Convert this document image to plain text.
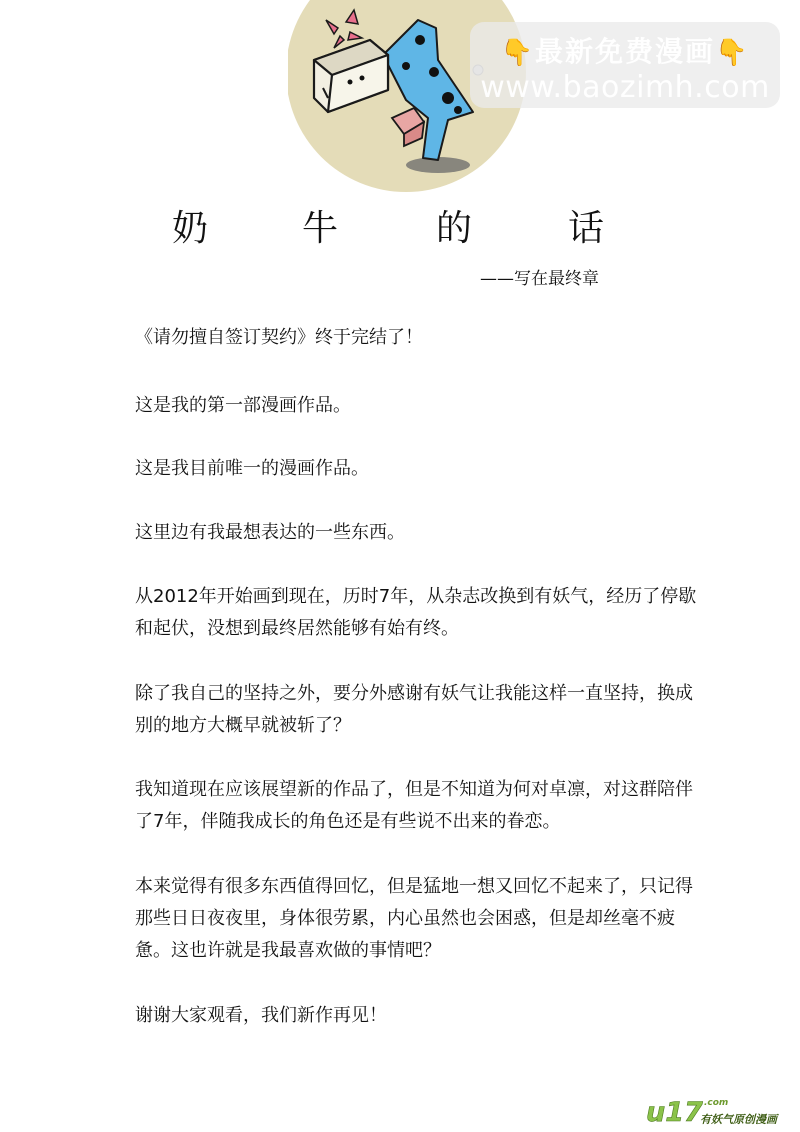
👇最新免费漫画👇
www.baozimh.com
奶	牛	的	话
——写在最终章

《请勿擅自签订契约》终于完结了！

这是我的第一部漫画作品。

这是我目前唯一的漫画作品。

这里边有我最想表达的一些东西。

从2012年开始画到现在，历时7年，从杂志改换到有妖气，经历了停歇和起伏，没想到最终居然能够有始有终。

除了我自己的坚持之外，要分外感谢有妖气让我能这样一直坚持，换成别的地方大概早就被斩了？

我知道现在应该展望新的作品了，但是不知道为何对卓凛，对这群陪伴了7年，伴随我成长的角色还是有些说不出来的眷恋。

本来觉得有很多东西值得回忆，但是猛地一想又回忆不起来了，只记得那些日日夜夜里，身体很劳累，内心虽然也会困惑，但是却丝毫不疲惫。这也许就是我最喜欢做的事情吧？

谢谢大家观看，我们新作再见！

u17 .com
有妖气原创漫画
